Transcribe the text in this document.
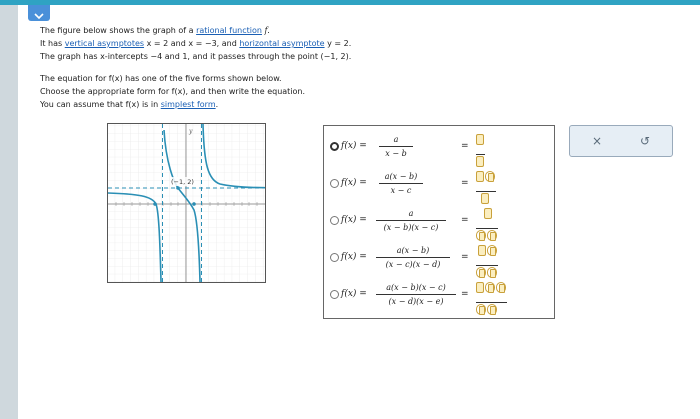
The figure below shows the graph of a rational function f.
It has vertical asymptotes x = 2 and x = −3, and horizontal asymptote y = 2.
The graph has x-intercepts −4 and 1, and it passes through the point (−1, 2).
The equation for f(x) has one of the five forms shown below.
Choose the appropriate form for f(x), and then write the equation.
You can assume that f(x) is in simplest form.
y
(−1, 2)
f(x) =
a
x − b
=
f(x) =
a(x − b)
x − c
=
f(x) =
a
(x − b)(x − c)
=
f(x) =
a(x − b)
(x − c)(x − d)
=
f(x) =
a(x − b)(x − c)
(x − d)(x − e)
=
×	↺
